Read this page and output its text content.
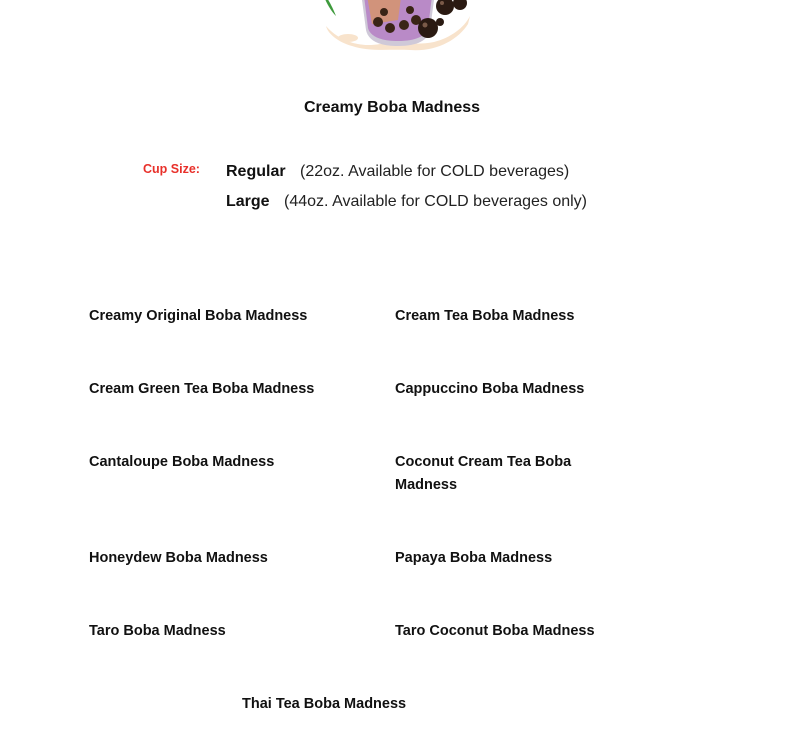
Creamy Boba Madness
Cup Size: Regular (22oz. Available for COLD beverages)
Large (44oz. Available for COLD beverages only)
Creamy Original Boba Madness	Cream Tea Boba Madness
Cream Green Tea Boba Madness	Cappuccino Boba Madness
Cantaloupe Boba Madness	Coconut Cream Tea Boba Madness
Honeydew Boba Madness	Papaya Boba Madness
Taro Boba Madness	Taro Coconut Boba Madness
Thai Tea Boba Madness
